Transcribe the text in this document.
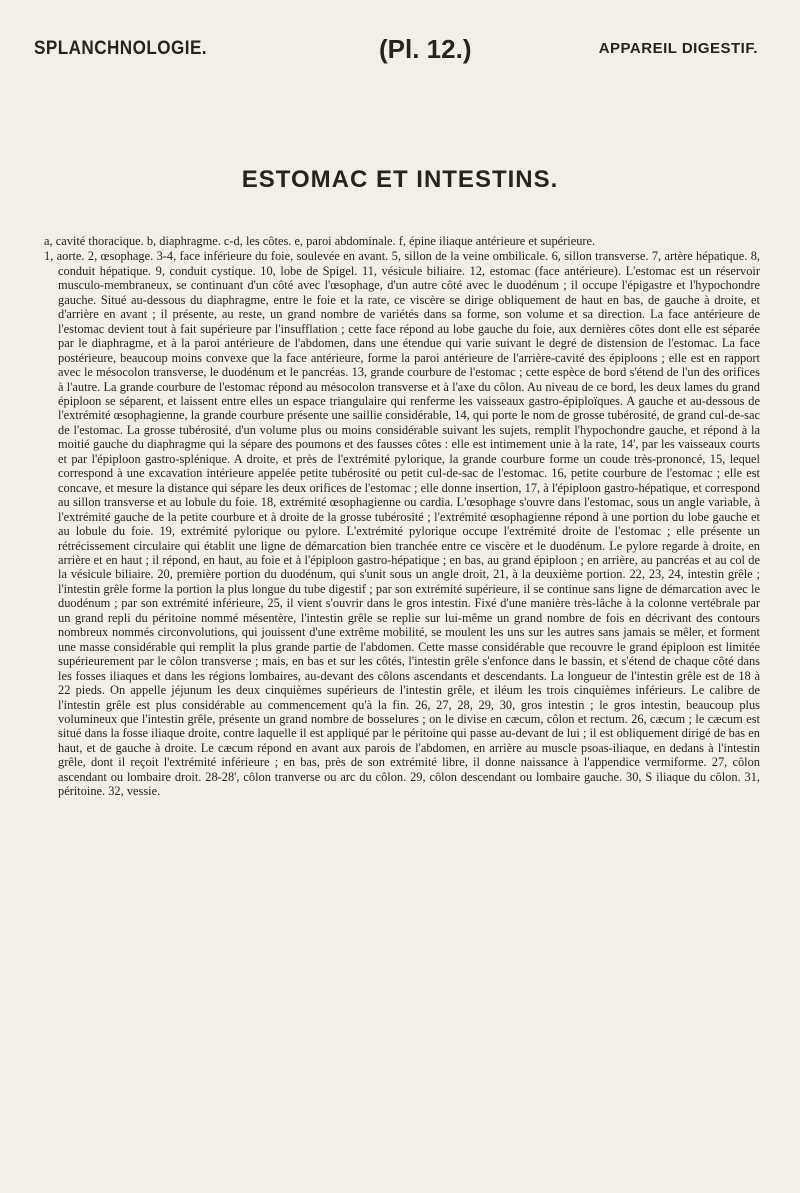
SPLANCHNOLOGIE.	(Pl. 12.)	APPAREIL DIGESTIF.
ESTOMAC ET INTESTINS.

a, cavité thoracique. b, diaphragme. c-d, les côtes. e, paroi abdominale. f, épine iliaque antérieure et supérieure.

1, aorte. 2, œsophage. 3-4, face inférieure du foie, soulevée en avant. 5, sillon de la veine ombilicale. 6, sillon transverse. 7, artère hépatique. 8, conduit hépatique. 9, conduit cystique. 10, lobe de Spigel. 11, vésicule biliaire. 12, estomac (face antérieure). L'estomac est un réservoir musculo-membraneux, se continuant d'un côté avec l'œsophage, d'un autre côté avec le duodénum ; il occupe l'épigastre et l'hypochondre gauche. Situé au-dessous du diaphragme, entre le foie et la rate, ce viscère se dirige obliquement de haut en bas, de gauche à droite, et d'arrière en avant ; il présente, au reste, un grand nombre de variétés dans sa forme, son volume et sa direction. La face antérieure de l'estomac devient tout à fait supérieure par l'insufflation ; cette face répond au lobe gauche du foie, aux dernières côtes dont elle est séparée par le diaphragme, et à la paroi antérieure de l'abdomen, dans une étendue qui varie suivant le degré de distension de l'estomac. La face postérieure, beaucoup moins convexe que la face antérieure, forme la paroi antérieure de l'arrière-cavité des épiploons ; elle est en rapport avec le mésocolon transverse, le duodénum et le pancréas. 13, grande courbure de l'estomac ; cette espèce de bord s'étend de l'un des orifices à l'autre. La grande courbure de l'estomac répond au mésocolon transverse et à l'axe du côlon. Au niveau de ce bord, les deux lames du grand épiploon se séparent, et laissent entre elles un espace triangulaire qui renferme les vaisseaux gastro-épiploïques. A gauche et au-dessous de l'extrémité œsophagienne, la grande courbure présente une saillie considérable, 14, qui porte le nom de grosse tubérosité, de grand cul-de-sac de l'estomac. La grosse tubérosité, d'un volume plus ou moins considérable suivant les sujets, remplit l'hypochondre gauche, et répond à la moitié gauche du diaphragme qui la sépare des poumons et des fausses côtes : elle est intimement unie à la rate, 14', par les vaisseaux courts et par l'épiploon gastro-splénique. A droite, et près de l'extrémité pylorique, la grande courbure forme un coude très-prononcé, 15, lequel correspond à une excavation intérieure appelée petite tubérosité ou petit cul-de-sac de l'estomac. 16, petite courbure de l'estomac ; elle est concave, et mesure la distance qui sépare les deux orifices de l'estomac ; elle donne insertion, 17, à l'épiploon gastro-hépatique, et correspond au sillon transverse et au lobule du foie. 18, extrémité œsophagienne ou cardia. L'œsophage s'ouvre dans l'estomac, sous un angle variable, à l'extrémité gauche de la petite courbure et à droite de la grosse tubérosité ; l'extrémité œsophagienne répond à une portion du lobe gauche et au lobule du foie. 19, extrémité pylorique ou pylore. L'extrémité pylorique occupe l'extrémité droite de l'estomac ; elle présente un rétrécissement circulaire qui établit une ligne de démarcation bien tranchée entre ce viscère et le duodénum. Le pylore regarde à droite, en arrière et en haut ; il répond, en haut, au foie et à l'épiploon gastro-hépatique ; en bas, au grand épiploon ; en arrière, au pancréas et au col de la vésicule biliaire. 20, première portion du duodénum, qui s'unit sous un angle droit, 21, à la deuxième portion. 22, 23, 24, intestin grêle ; l'intestin grêle forme la portion la plus longue du tube digestif ; par son extrémité supérieure, il se continue sans ligne de démarcation avec le duodénum ; par son extrémité inférieure, 25, il vient s'ouvrir dans le gros intestin. Fixé d'une manière très-lâche à la colonne vertébrale par un grand repli du péritoine nommé mésentère, l'intestin grêle se replie sur lui-même un grand nombre de fois en décrivant des contours nombreux nommés circonvolutions, qui jouissent d'une extrême mobilité, se moulent les uns sur les autres sans jamais se mêler, et forment une masse considérable qui remplit la plus grande partie de l'abdomen. Cette masse considérable que recouvre le grand épiploon est limitée supérieurement par le côlon transverse ; mais, en bas et sur les côtés, l'intestin grêle s'enfonce dans le bassin, et s'étend de chaque côté dans les fosses iliaques et dans les régions lombaires, au-devant des côlons ascendants et descendants. La longueur de l'intestin grêle est de 18 à 22 pieds. On appelle jéjunum les deux cinquièmes supérieurs de l'intestin grêle, et iléum les trois cinquièmes inférieurs. Le calibre de l'intestin grêle est plus considérable au commencement qu'à la fin. 26, 27, 28, 29, 30, gros intestin ; le gros intestin, beaucoup plus volumineux que l'intestin grêle, présente un grand nombre de bosselures ; on le divise en cæcum, côlon et rectum. 26, cæcum ; le cæcum est situé dans la fosse iliaque droite, contre laquelle il est appliqué par le péritoine qui passe au-devant de lui ; il est obliquement dirigé de bas en haut, et de gauche à droite. Le cæcum répond en avant aux parois de l'abdomen, en arrière au muscle psoas-iliaque, en dedans à l'intestin grêle, dont il reçoit l'extrémité inférieure ; en bas, près de son extrémité libre, il donne naissance à l'appendice vermiforme. 27, côlon ascendant ou lombaire droit. 28-28', côlon tranverse ou arc du côlon. 29, côlon descendant ou lombaire gauche. 30, S iliaque du côlon. 31, péritoine. 32, vessie.
